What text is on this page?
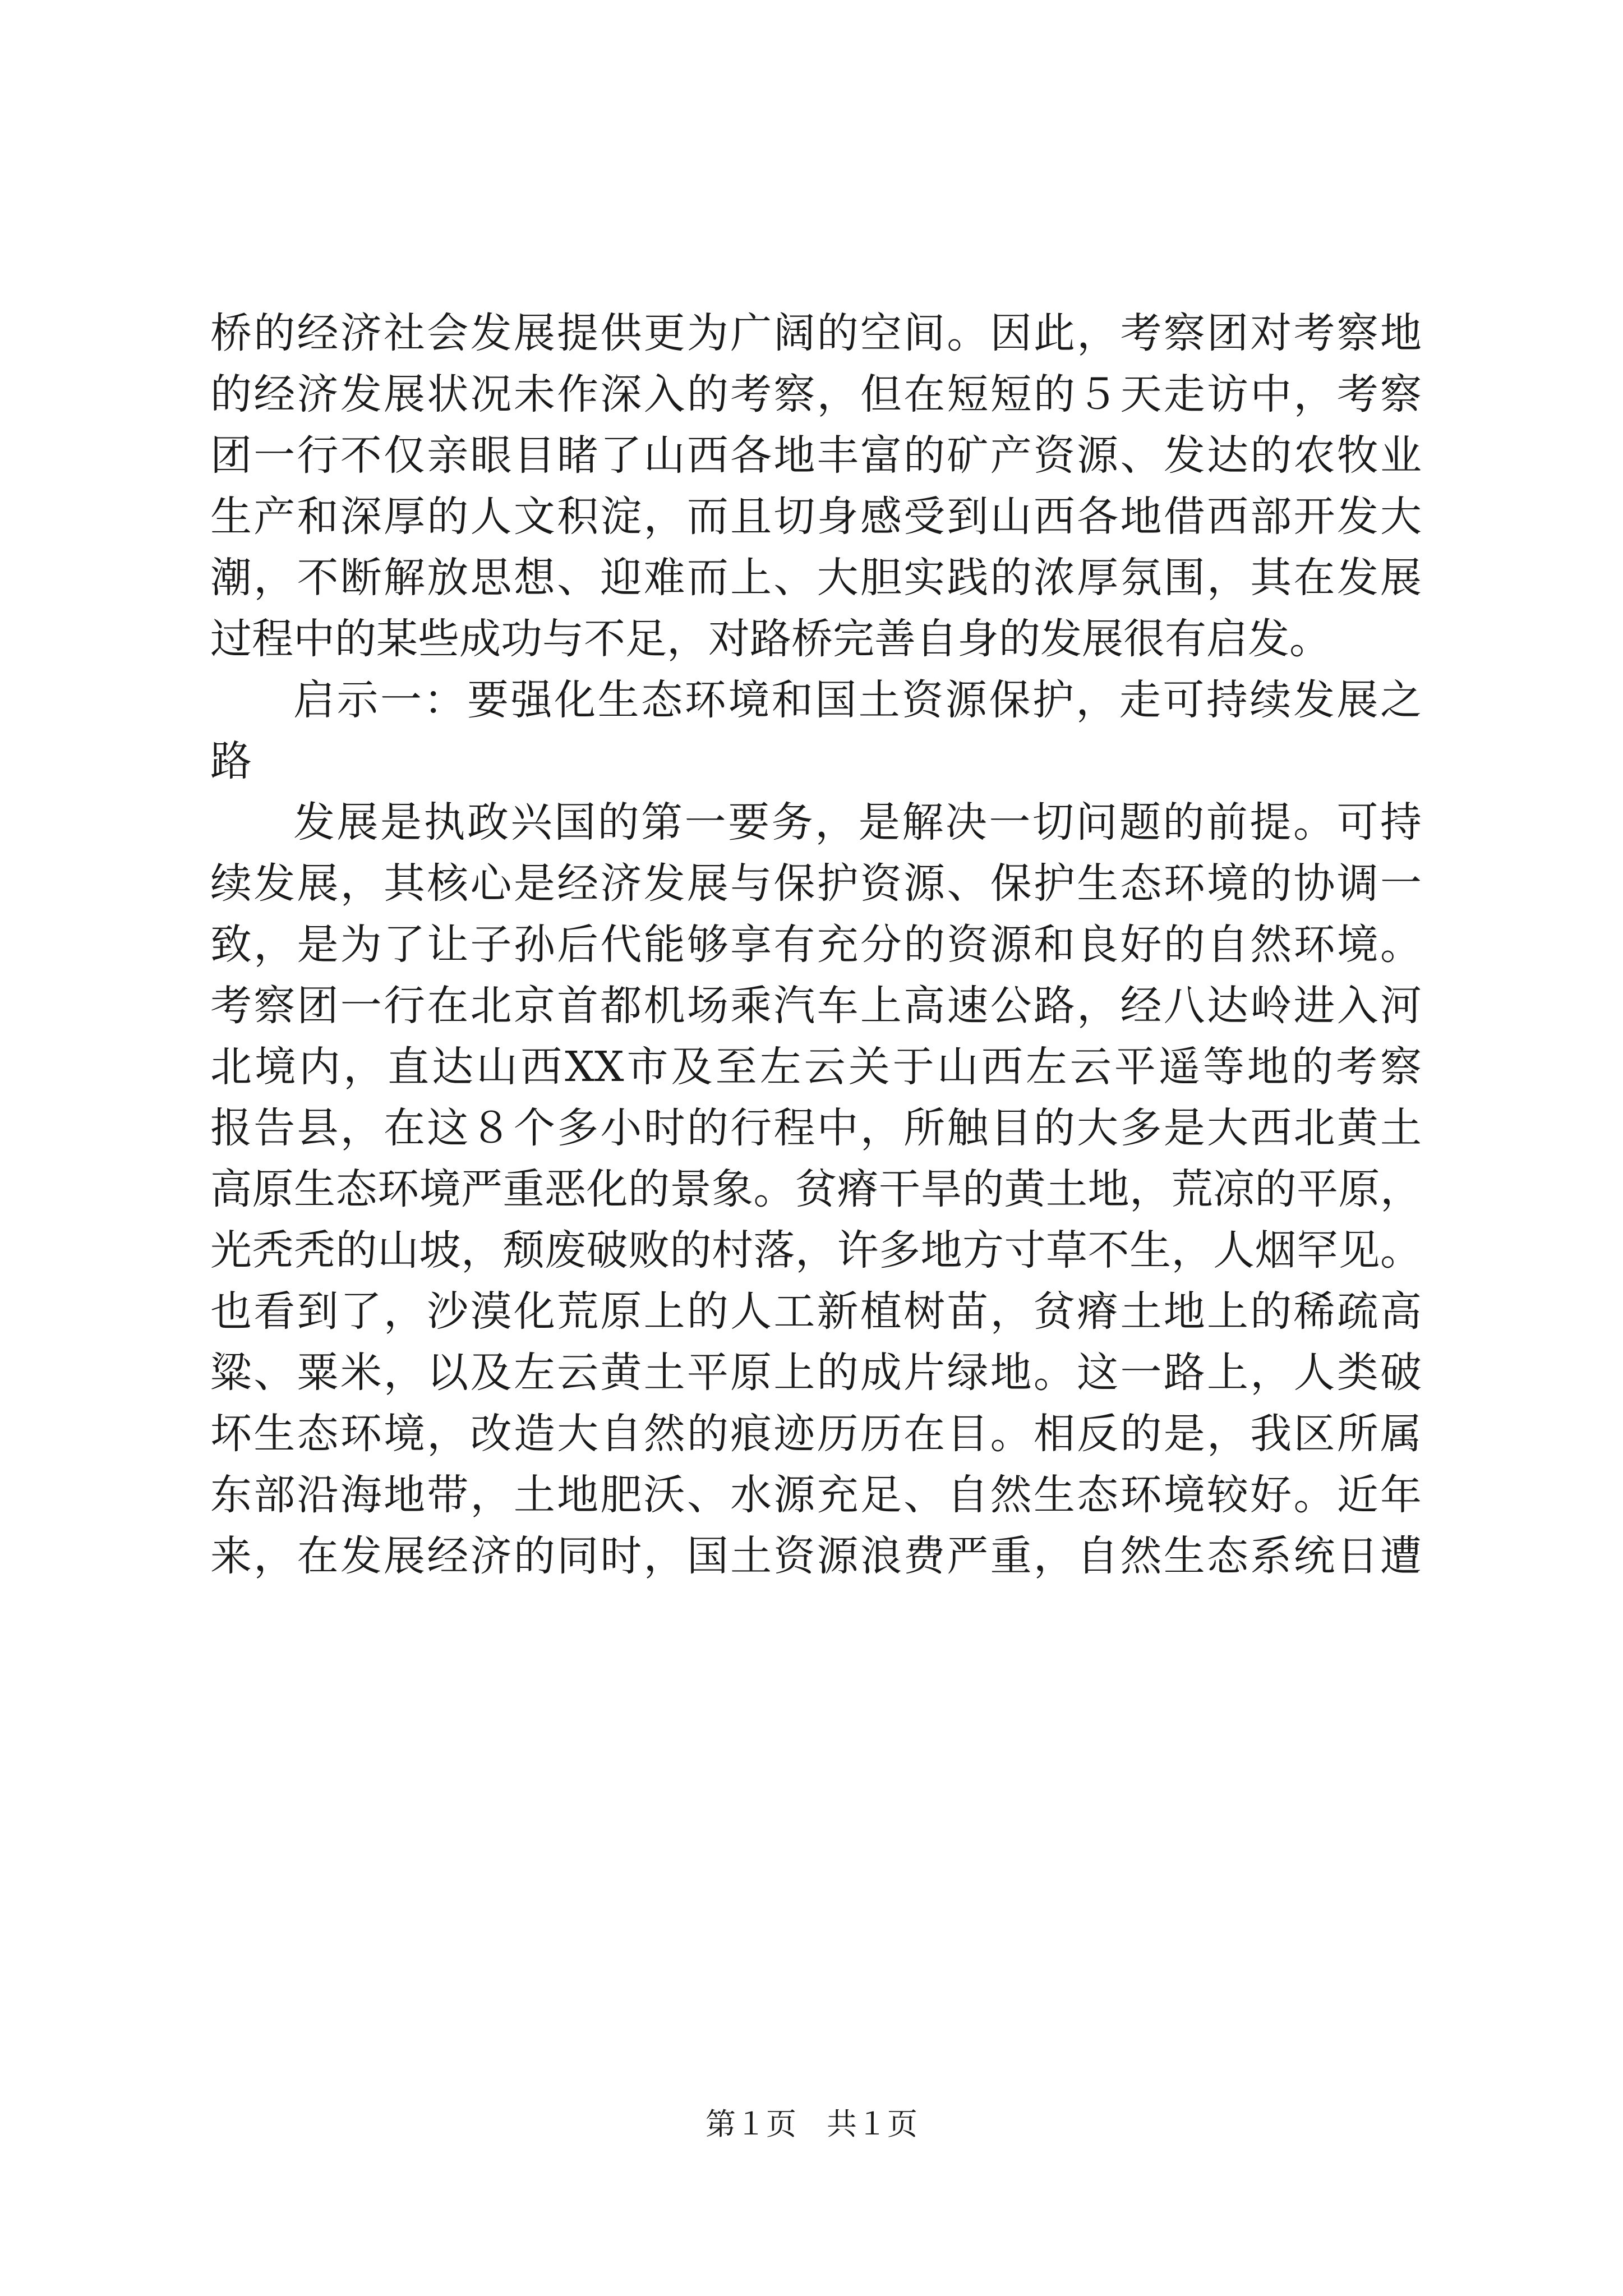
桥的经济社会发展提供更为广阔的空间。因此，考察团对考察地
的经济发展状况未作深入的考察，但在短短的５天走访中，考察
团一行不仅亲眼目睹了山西各地丰富的矿产资源、发达的农牧业
生产和深厚的人文积淀，而且切身感受到山西各地借西部开发大
潮，不断解放思想、迎难而上、大胆实践的浓厚氛围，其在发展
过程中的某些成功与不足，对路桥完善自身的发展很有启发。
启示一：要强化生态环境和国土资源保护，走可持续发展之
路
发展是执政兴国的第一要务，是解决一切问题的前提。可持
续发展，其核心是经济发展与保护资源、保护生态环境的协调一
致，是为了让子孙后代能够享有充分的资源和良好的自然环境。
考察团一行在北京首都机场乘汽车上高速公路，经八达岭进入河
北境内，直达山西XX市及至左云关于山西左云平遥等地的考察
报告县，在这８个多小时的行程中，所触目的大多是大西北黄土
高原生态环境严重恶化的景象。贫瘠干旱的黄土地，荒凉的平原，
光秃秃的山坡，颓废破败的村落，许多地方寸草不生，人烟罕见。
也看到了，沙漠化荒原上的人工新植树苗，贫瘠土地上的稀疏高
粱、粟米，以及左云黄土平原上的成片绿地。这一路上，人类破
坏生态环境，改造大自然的痕迹历历在目。相反的是，我区所属
东部沿海地带，土地肥沃、水源充足、自然生态环境较好。近年
来，在发展经济的同时，国土资源浪费严重，自然生态系统日遭
第１页　共１页
